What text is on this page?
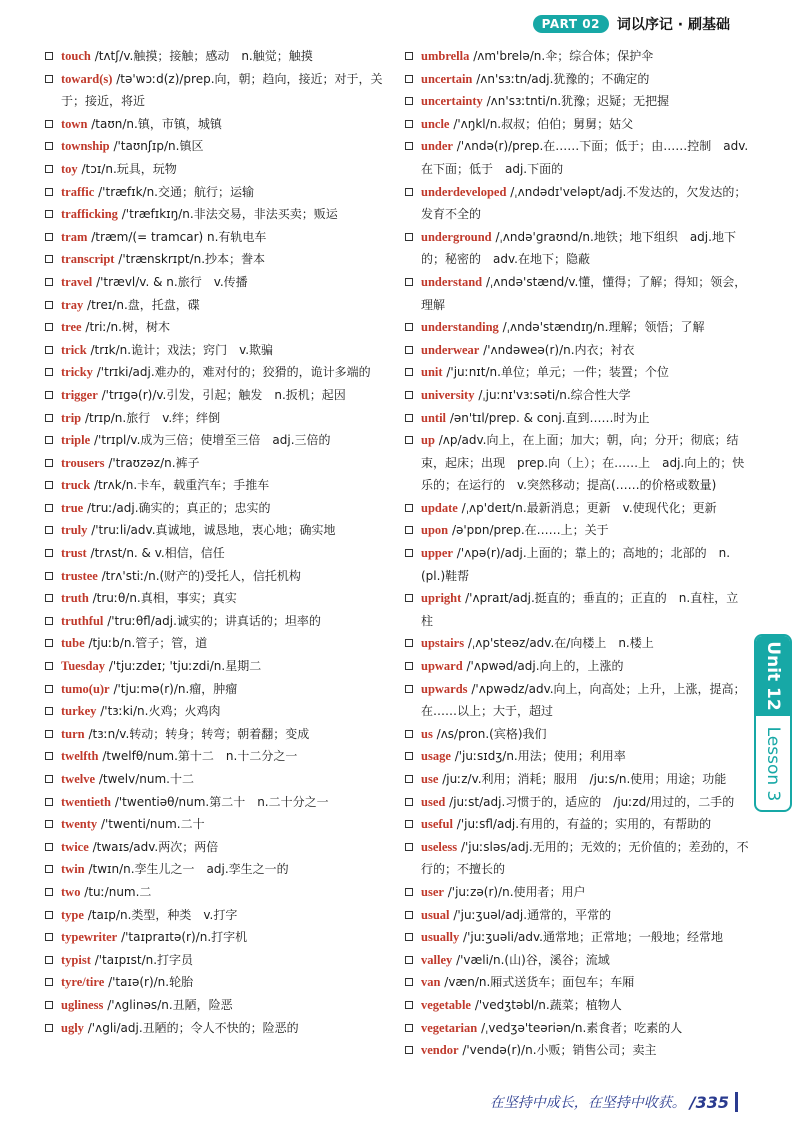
PART 02	词以序记 · 刷基础

touch /tʌtʃ/v.触摸；接触；感动　n.触觉；触摸

toward(s) /tə'wɔːd(z)/prep.向，朝；趋向，接近；对于，关于；接近，将近

town /taʊn/n.镇，市镇，城镇

township /'taʊnʃɪp/n.镇区

toy /tɔɪ/n.玩具，玩物

traffic /'træfɪk/n.交通；航行；运输

trafficking /'træfɪkɪŋ/n.非法交易，非法买卖；贩运

tram /træm/(= tramcar) n.有轨电车

transcript /'trænskrɪpt/n.抄本；誊本

travel /'trævl/v. & n.旅行　v.传播

tray /treɪ/n.盘，托盘，碟

tree /triː/n.树，树木

trick /trɪk/n.诡计；戏法；窍门　v.欺骗

tricky /'trɪki/adj.难办的，难对付的；狡猾的，诡计多端的

trigger /'trɪgə(r)/v.引发，引起；触发　n.扳机；起因

trip /trɪp/n.旅行　v.绊；绊倒

triple /'trɪpl/v.成为三倍；使增至三倍　adj.三倍的

trousers /'traʊzəz/n.裤子

truck /trʌk/n.卡车，载重汽车；手推车

true /truː/adj.确实的；真正的；忠实的

truly /'truːli/adv.真诚地，诚恳地，衷心地；确实地

trust /trʌst/n. & v.相信，信任

trustee /trʌ'stiː/n.(财产的)受托人，信托机构

truth /truːθ/n.真相，事实；真实

truthful /'truːθfl/adj.诚实的；讲真话的；坦率的

tube /tjuːb/n.管子；管，道

Tuesday /'tjuːzdeɪ; 'tjuːzdi/n.星期二

tumo(u)r /'tjuːmə(r)/n.瘤，肿瘤

turkey /'tɜːki/n.火鸡；火鸡肉

turn /tɜːn/v.转动；转身；转弯；朝着翻；变成

twelfth /twelfθ/num.第十二　n.十二分之一

twelve /twelv/num.十二

twentieth /'twentiəθ/num.第二十　n.二十分之一

twenty /'twenti/num.二十

twice /twaɪs/adv.两次；两倍

twin /twɪn/n.孪生儿之一　adj.孪生之一的

two /tuː/num.二

type /taɪp/n.类型，种类　v.打字

typewriter /'taɪpraɪtə(r)/n.打字机

typist /'taɪpɪst/n.打字员

tyre/tire /'taɪə(r)/n.轮胎

ugliness /'ʌglinəs/n.丑陋，险恶

ugly /'ʌgli/adj.丑陋的；令人不快的；险恶的

umbrella /ʌm'brelə/n.伞；综合体；保护伞

uncertain /ʌn'sɜːtn/adj.犹豫的；不确定的

uncertainty /ʌn'sɜːtnti/n.犹豫；迟疑；无把握

uncle /'ʌŋkl/n.叔叔；伯伯；舅舅；姑父

under /'ʌndə(r)/prep.在……下面；低于；由……控制　adv.在下面；低于　adj.下面的

underdeveloped /ˌʌndədɪ'veləpt/adj.不发达的，欠发达的；发育不全的

underground /ˌʌndə'graʊnd/n.地铁；地下组织　adj.地下的；秘密的　adv.在地下；隐蔽

understand /ˌʌndə'stænd/v.懂，懂得；了解；得知；领会，理解

understanding /ˌʌndə'stændɪŋ/n.理解；领悟；了解

underwear /'ʌndəweə(r)/n.内衣；衬衣

unit /'juːnɪt/n.单位；单元；一件；装置；个位

university /ˌjuːnɪ'vɜːsəti/n.综合性大学

until /ən'tɪl/prep. & conj.直到……时为止

up /ʌp/adv.向上，在上面；加大；朝，向；分开；彻底；结束，起床；出现　prep.向（上）；在……上　adj.向上的；快乐的；在运行的　v.突然移动；提高(……的价格或数量)

update /ˌʌp'deɪt/n.最新消息；更新　v.使现代化；更新

upon /ə'pɒn/prep.在……上；关于

upper /'ʌpə(r)/adj.上面的；靠上的；高地的；北部的　n.(pl.)鞋帮

upright /'ʌpraɪt/adj.挺直的；垂直的；正直的　n.直柱，立柱

upstairs /ˌʌp'steəz/adv.在/向楼上　n.楼上

upward /'ʌpwəd/adj.向上的，上涨的

upwards /'ʌpwədz/adv.向上，向高处；上升，上涨，提高；在……以上；大于，超过

us /ʌs/pron.(宾格)我们

usage /'juːsɪdʒ/n.用法；使用；利用率

use /juːz/v.利用；消耗；服用　/juːs/n.使用；用途；功能

used /juːst/adj.习惯于的，适应的　/juːzd/用过的，二手的

useful /'juːsfl/adj.有用的，有益的；实用的，有帮助的

useless /'juːsləs/adj.无用的；无效的；无价值的；差劲的，不行的；不擅长的

user /'juːzə(r)/n.使用者；用户

usual /'juːʒuəl/adj.通常的，平常的

usually /'juːʒuəli/adv.通常地；正常地；一般地；经常地

valley /'væli/n.(山)谷，溪谷；流域

van /væn/n.厢式送货车；面包车；车厢

vegetable /'vedʒtəbl/n.蔬菜；植物人

vegetarian /ˌvedʒə'teəriən/n.素食者；吃素的人

vendor /'vendə(r)/n.小贩；销售公司；卖主

Unit 12
Lesson 3
在坚持中成长，在坚持中收获。 /335
